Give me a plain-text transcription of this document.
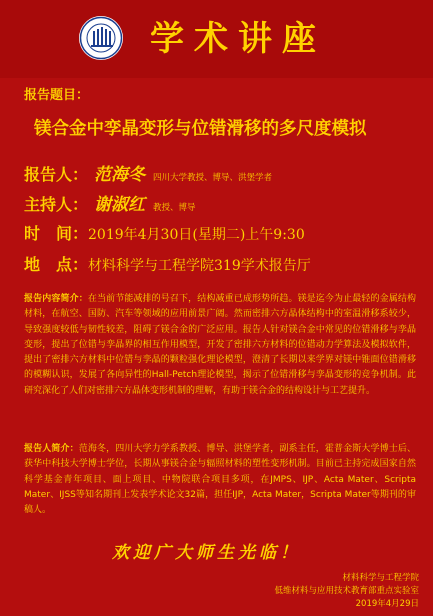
学术讲座
报告题目：
镁合金中孪晶变形与位错滑移的多尺度模拟
报告人： 范海冬 四川大学教授、博导、洪堡学者
主持人： 谢淑红 教授、博导
时　间：2019年4月30日(星期二)上午9:30
地　点：材料科学与工程学院319学术报告厅
报告内容简介：在当前节能减排的号召下，结构减重已成形势所趋。镁是迄今为止最轻的金属结构材料，在航空、国防、汽车等领域的应用前景广阔。然而密排六方晶体结构中的室温滑移系较少，导致强度较低与韧性较差，阻碍了镁合金的广泛应用。报告人针对镁合金中常见的位错滑移与孪晶变形，提出了位错与孪晶界的相互作用模型，开发了密排六方材料的位错动力学算法及模拟软件，提出了密排六方材料中位错与孪晶的颗粒强化理论模型，澄清了长期以来学界对镁中锥面位错滑移的模糊认识，发展了各向异性的Hall-Petch理论模型，揭示了位错滑移与孪晶变形的竞争机制。此研究深化了人们对密排六方晶体变形机制的理解，有助于镁合金的结构设计与工艺提升。
报告人简介：范海冬，四川大学力学系教授、博导、洪堡学者，副系主任，霍普金斯大学博士后、获华中科技大学博士学位，长期从事镁合金与辐照材料的塑性变形机制。目前已主持完成国家自然科学基金青年项目、面上项目、中物院联合项目多项，在JMPS、IJP、Acta Mater、Scripta Mater、IJSS等知名期刊上发表学术论文32篇，担任IJP，Acta Mater，Scripta Mater等期刊的审稿人。
欢迎广大师生光临！
材料科学与工程学院
低维材料与应用技术教育部重点实验室
2019年4月29日
